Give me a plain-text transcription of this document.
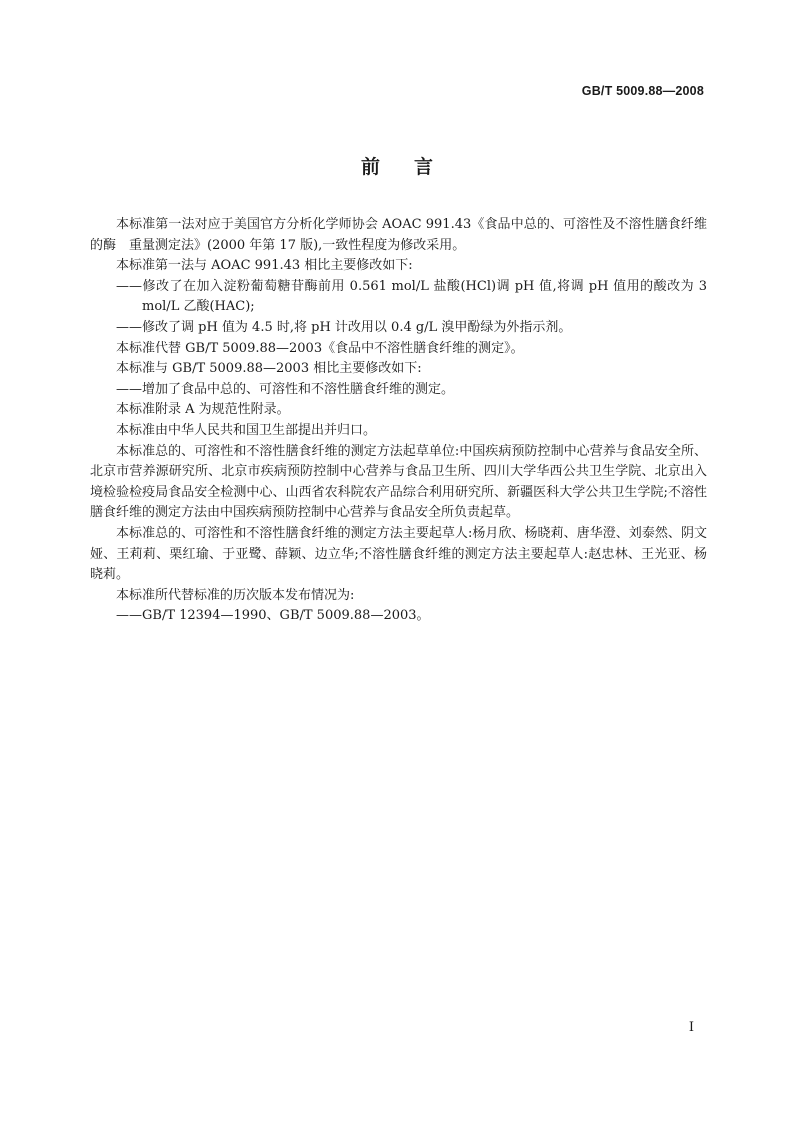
GB/T 5009.88—2008
前言

本标准第一法对应于美国官方分析化学师协会 AOAC 991.43《食品中总的、可溶性及不溶性膳食纤维的酶　重量测定法》(2000 年第 17 版),一致性程度为修改采用。

本标准第一法与 AOAC 991.43 相比主要修改如下:

——修改了在加入淀粉葡萄糖苷酶前用 0.561 mol/L 盐酸(HCl)调 pH 值,将调 pH 值用的酸改为 3 mol/L 乙酸(HAC);

——修改了调 pH 值为 4.5 时,将 pH 计改用以 0.4 g/L 溴甲酚绿为外指示剂。

本标准代替 GB/T 5009.88—2003《食品中不溶性膳食纤维的测定》。

本标准与 GB/T 5009.88—2003 相比主要修改如下:

——增加了食品中总的、可溶性和不溶性膳食纤维的测定。

本标准附录 A 为规范性附录。

本标准由中华人民共和国卫生部提出并归口。

本标准总的、可溶性和不溶性膳食纤维的测定方法起草单位:中国疾病预防控制中心营养与食品安全所、北京市营养源研究所、北京市疾病预防控制中心营养与食品卫生所、四川大学华西公共卫生学院、北京出入境检验检疫局食品安全检测中心、山西省农科院农产品综合利用研究所、新疆医科大学公共卫生学院;不溶性膳食纤维的测定方法由中国疾病预防控制中心营养与食品安全所负责起草。

本标准总的、可溶性和不溶性膳食纤维的测定方法主要起草人:杨月欣、杨晓莉、唐华澄、刘泰然、阴文娅、王莉莉、栗红瑜、于亚鹭、薛颖、边立华;不溶性膳食纤维的测定方法主要起草人:赵忠林、王光亚、杨晓莉。

本标准所代替标准的历次版本发布情况为:

——GB/T 12394—1990、GB/T 5009.88—2003。

I
